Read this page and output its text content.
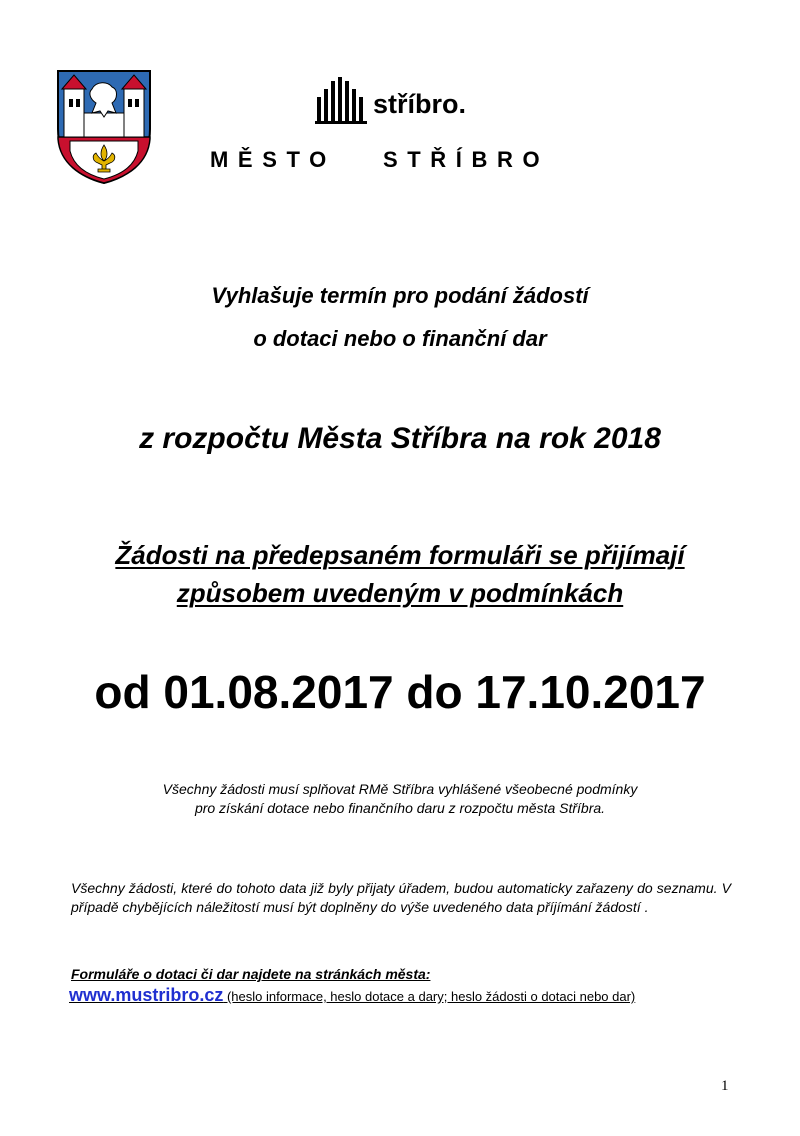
stříbro.
MĚSTO   STŘÍBRO
Vyhlašuje termín pro podání žádostí
o dotaci nebo o finanční dar
z rozpočtu Města Stříbra na rok 2018
Žádosti na předepsaném formuláři se přijímají
způsobem uvedeným v podmínkách
od 01.08.2017 do 17.10.2017
Všechny žádosti musí splňovat RMě Stříbra vyhlášené všeobecné podmínky
pro získání dotace nebo finančního daru z rozpočtu města Stříbra.
Všechny žádosti, které do tohoto data již byly přijaty úřadem, budou automaticky zařazeny do seznamu. V případě chybějících náležitostí musí být doplněny do výše uvedeného data příjímání žádostí .
Formuláře o dotaci či dar najdete na stránkách města:
www.mustribro.cz (heslo informace, heslo dotace a dary; heslo žádosti o dotaci nebo dar)
1
